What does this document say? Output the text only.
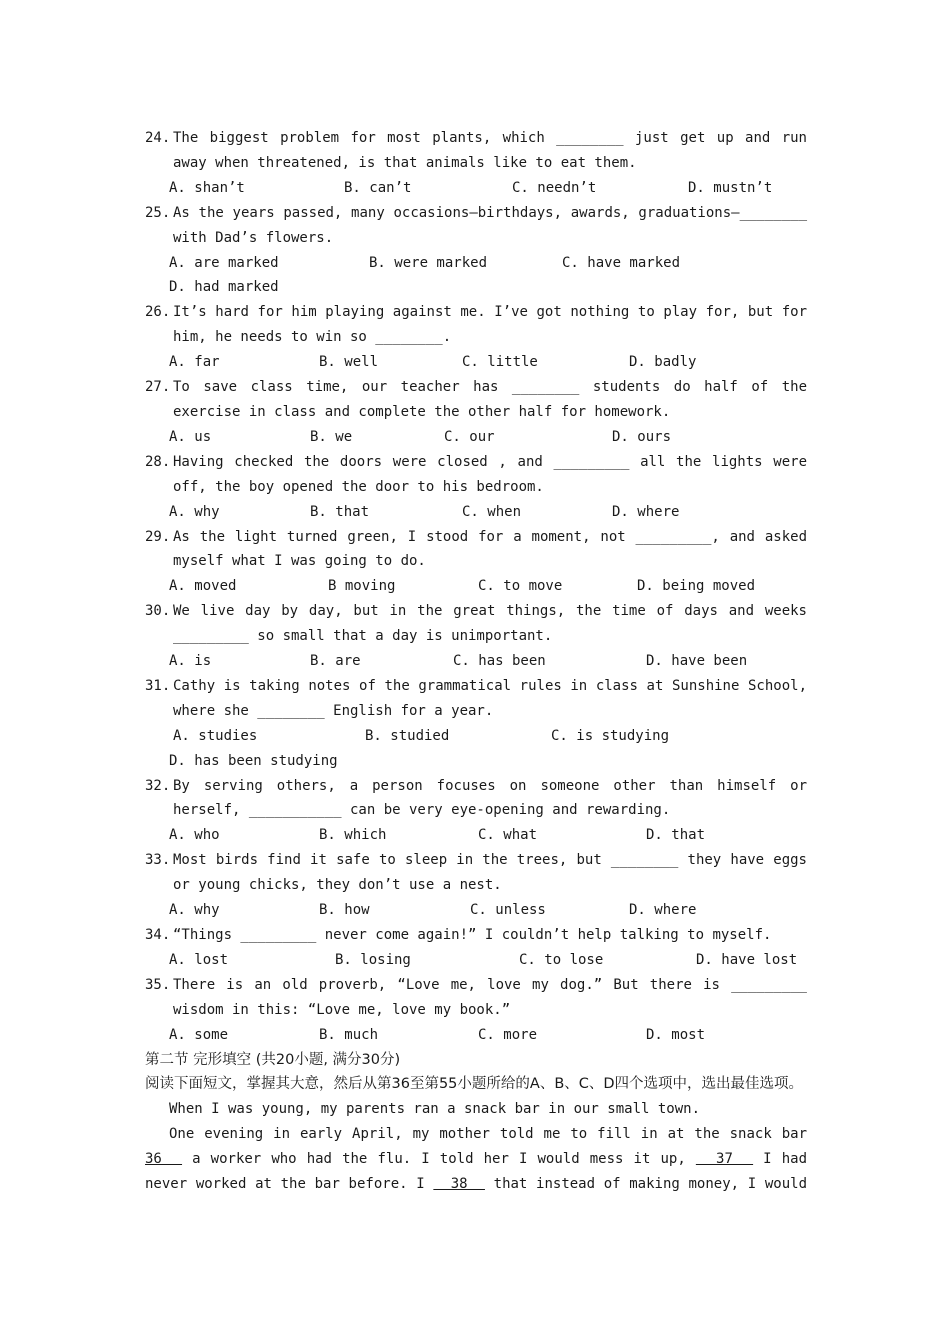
24. The biggest problem for most plants, which ________ just get up and run away when threatened, is that animals like to eat them.
A. shan’t	B. can’t	C. needn’t	D. mustn’t
25. As the years passed, many occasions—birthdays, awards, graduations—________ with Dad’s flowers.
A. are marked	B. were marked	C. have marked
D. had marked
26. It’s hard for him playing against me. I’ve got nothing to play for, but for him, he needs to win so ________.
A. far	B. well	C. little	D. badly
27. To save class time, our teacher has ________ students do half of the exercise in class and complete the other half for homework.
A. us	B. we	C. our	D. ours
28. Having checked the doors were closed , and _________ all the lights were off, the boy opened the door to his bedroom.
A. why	B. that	C. when	D. where
29. As the light turned green, I stood for a moment, not _________, and asked myself what I was going to do.
A. moved	B moving	C. to move	D. being moved
30. We live day by day, but in the great things, the time of days and weeks _________ so small that a day is unimportant.
A. is	B. are	C. has been	D. have been
31. Cathy is taking notes of the grammatical rules in class at Sunshine School, where she ________ English for a year.
A. studies	B. studied	C. is studying
D. has been studying
32. By serving others, a person focuses on someone other than himself or herself, ___________ can be very eye-opening and rewarding.
A. who	B. which	C. what	D. that
33. Most birds find it safe to sleep in the trees, but ________ they have eggs or young chicks, they don’t use a nest.
A. why	B. how	C. unless	D. where
34. “Things _________ never come again!” I couldn’t help talking to myself.
A. lost	B. losing	C. to lose	D. have lost
35. There is an old proverb, “Love me, love my dog.” But there is _________ wisdom in this: “Love me, love my book.”
A. some	B. much	C. more	D. most
第二节 完形填空 (共20小题, 满分30分)
阅读下面短文，掌握其大意，然后从第36至第55小题所给的A、B、C、D四个选项中，选出最佳选项。
When I was young, my parents ran a snack bar in our small town.
One evening in early April, my mother told me to fill in at the snack bar 36   a worker who had the flu. I told her I would mess it up,   37   I had never worked at the bar before. I   38   that instead of making money, I would
